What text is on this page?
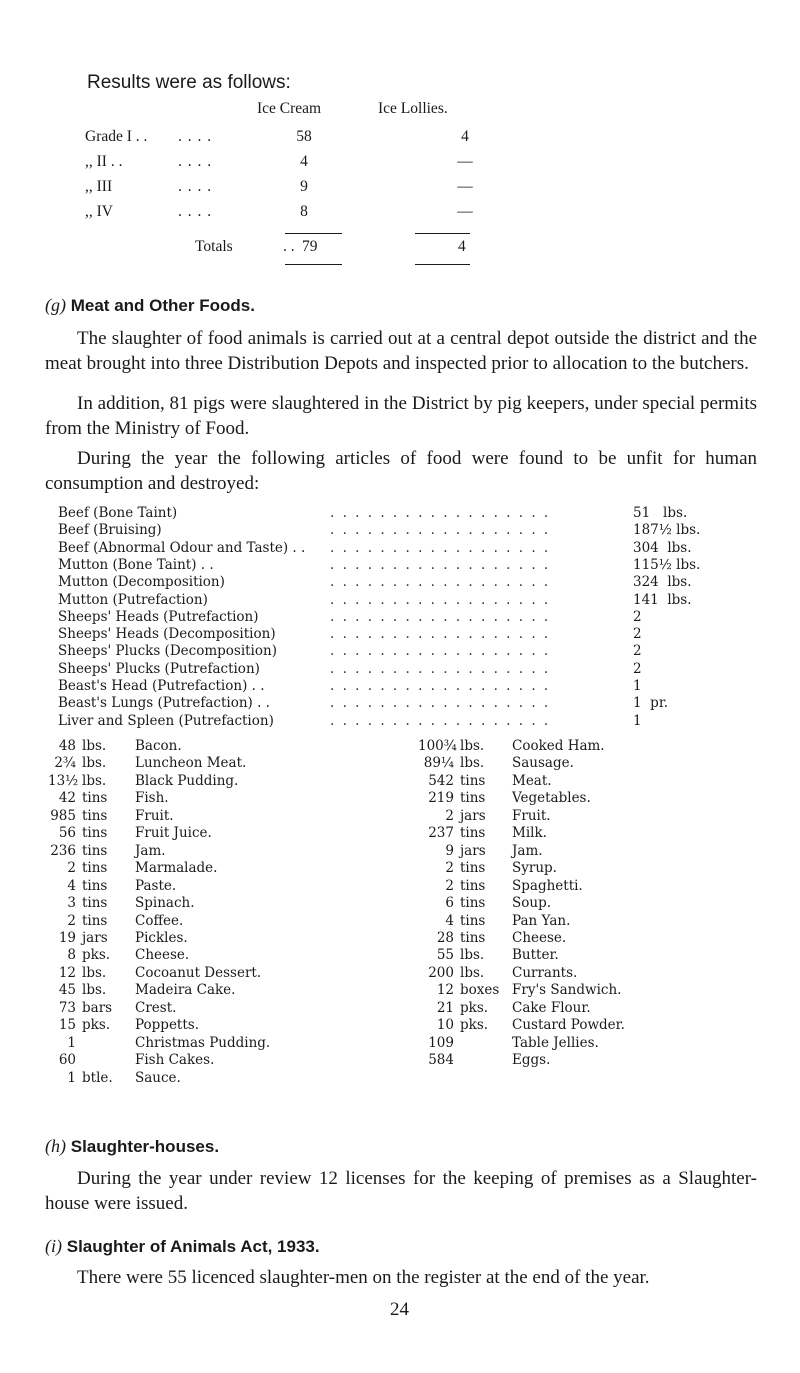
Results were as follows:
Ice Cream	Ice Lollies.
Grade I . . . . . .	58	4
,, II . .	. . . .	4	—
,, III	. . . .	9	—
,, IV	. . . .	8	—
Totals	. . 79	4
(g) Meat and Other Foods.

The slaughter of food animals is carried out at a central depot outside the district and the meat brought into three Distribution Depots and inspected prior to allocation to the butchers.

In addition, 81 pigs were slaughtered in the District by pig keepers, under special permits from the Ministry of Food.

During the year the following articles of food were found to be unfit for human consumption and destroyed:

Beef (Bone Taint)	. . . . . . . . . . . . . . . . . .	51   lbs.
Beef (Bruising)	. . . . . . . . . . . . . . . . . .	187½ lbs.
Beef (Abnormal Odour and Taste) . . . . . . . . . . . . . . . . . . . .	304  lbs.
Mutton (Bone Taint) . .	. . . . . . . . . . . . . . . . . .	115½ lbs.
Mutton (Decomposition)	. . . . . . . . . . . . . . . . . .	324  lbs.
Mutton (Putrefaction)	. . . . . . . . . . . . . . . . . .	141  lbs.
Sheeps' Heads (Putrefaction)	. . . . . . . . . . . . . . . . . .	2
Sheeps' Heads (Decomposition)	. . . . . . . . . . . . . . . . . .	2
Sheeps' Plucks (Decomposition)	. . . . . . . . . . . . . . . . . .	2
Sheeps' Plucks (Putrefaction)	. . . . . . . . . . . . . . . . . .	2
Beast's Head (Putrefaction) . .	. . . . . . . . . . . . . . . . . .	1
Beast's Lungs (Putrefaction) . .	. . . . . . . . . . . . . . . . . .	1  pr.
Liver and Spleen (Putrefaction)	. . . . . . . . . . . . . . . . . .	1
48 lbs. Bacon.
2¾ lbs. Luncheon Meat.
13½ lbs. Black Pudding.
42 tins Fish.
985 tins Fruit.
56 tins Fruit Juice.
236 tins Jam.
2 tins Marmalade.
4 tins Paste.
3 tins Spinach.
2 tins Coffee.
19 jars Pickles.
8 pks. Cheese.
12 lbs. Cocoanut Dessert.
45 lbs. Madeira Cake.
73 bars Crest.
15 pks. Poppetts.
1	Christmas Pudding.
60	Fish Cakes.
1 btle. Sauce.
100¾ lbs. Cooked Ham.
89¼ lbs. Sausage.
542 tins Meat.
219 tins Vegetables.
2 jars Fruit.
237 tins Milk.
9 jars Jam.
2 tins Syrup.
2 tins Spaghetti.
6 tins Soup.
4 tins Pan Yan.
28 tins Cheese.
55 lbs. Butter.
200 lbs. Currants.
12 boxes Fry's Sandwich.
21 pks. Cake Flour.
10 pks. Custard Powder.
109	Table Jellies.
584	Eggs.
(h) Slaughter-houses.

During the year under review 12 licenses for the keeping of premises as a Slaughter-house were issued.

(i) Slaughter of Animals Act, 1933.

There were 55 licenced slaughter-men on the register at the end of the year.

24
